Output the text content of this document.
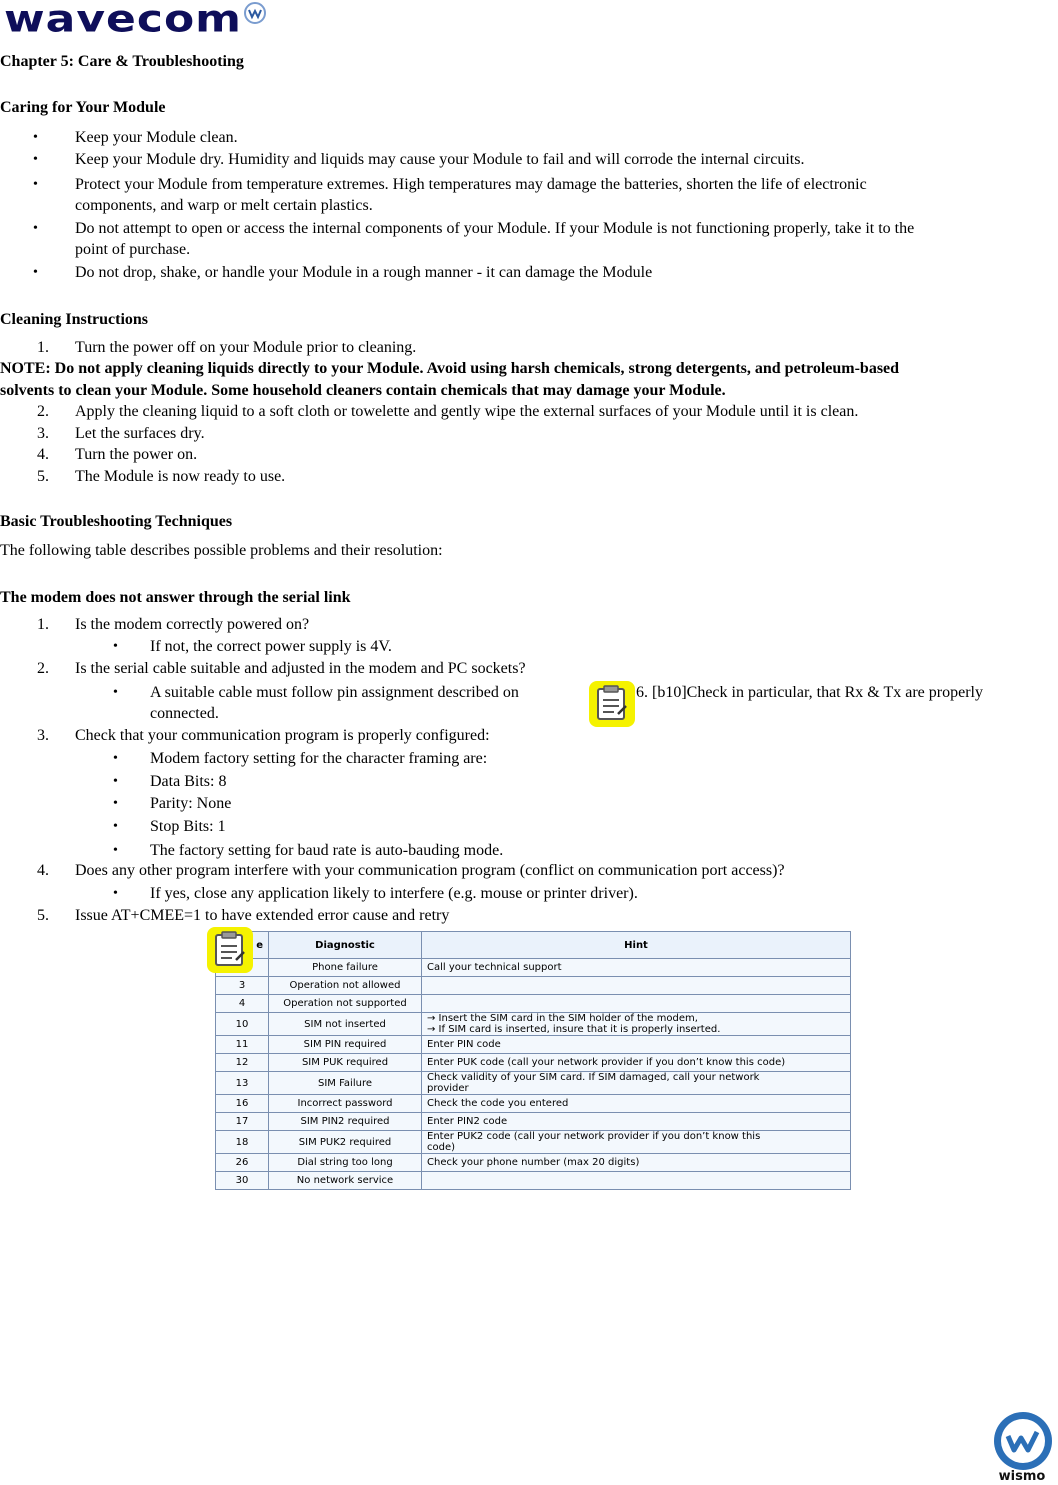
wavecom
Chapter 5: Care & Troubleshooting
Caring for Your Module
• Keep your Module clean.
• Keep your Module dry. Humidity and liquids may cause your Module to fail and will corrode the internal circuits.
• Protect your Module from temperature extremes. High temperatures may damage the batteries, shorten the life of electronic
components, and warp or melt certain plastics.
• Do not attempt to open or access the internal components of your Module. If your Module is not functioning properly, take it to the
point of purchase.
• Do not drop, shake, or handle your Module in a rough manner - it can damage the Module
Cleaning Instructions
1. Turn the power off on your Module prior to cleaning.
NOTE: Do not apply cleaning liquids directly to your Module. Avoid using harsh chemicals, strong detergents, and petroleum-based
solvents to clean your Module. Some household cleaners contain chemicals that may damage your Module.
2. Apply the cleaning liquid to a soft cloth or towelette and gently wipe the external surfaces of your Module until it is clean.
3. Let the surfaces dry.
4. Turn the power on.
5. The Module is now ready to use.
Basic Troubleshooting Techniques
The following table describes possible problems and their resolution:
The modem does not answer through the serial link
1. Is the modem correctly powered on?
• If not, the correct power supply is 4V.
2. Is the serial cable suitable and adjusted in the modem and PC sockets?
• A suitable cable must follow pin assignment described on	6. [b10]Check in particular, that Rx & Tx are properly
connected.
3. Check that your communication program is properly configured:
• Modem factory setting for the character framing are:
• Data Bits: 8
• Parity: None
• Stop Bits: 1
• The factory setting for baud rate is auto-bauding mode.
4. Does any other program interfere with your communication program (conflict on communication port access)?
• If yes, close any application likely to interfere (e.g. mouse or printer driver).
5. Issue AT+CMEE=1 to have extended error cause and retry
e	Diagnostic	Hint
	Phone failure	Call your technical support
3	Operation not allowed	
4	Operation not supported	
10	SIM not inserted	→ Insert the SIM card in the SIM holder of the modem,
→ If SIM card is inserted, insure that it is properly inserted.
11	SIM PIN required	Enter PIN code
12	SIM PUK required	Enter PUK code (call your network provider if you don’t know this code)
13	SIM Failure	Check validity of your SIM card. If SIM damaged, call your network
provider
16	Incorrect password	Check the code you entered
17	SIM PIN2 required	Enter PIN2 code
18	SIM PUK2 required	Enter PUK2 code (call your network provider if you don’t know this
code)
26	Dial string too long	Check your phone number (max 20 digits)
30	No network service	
wismo
